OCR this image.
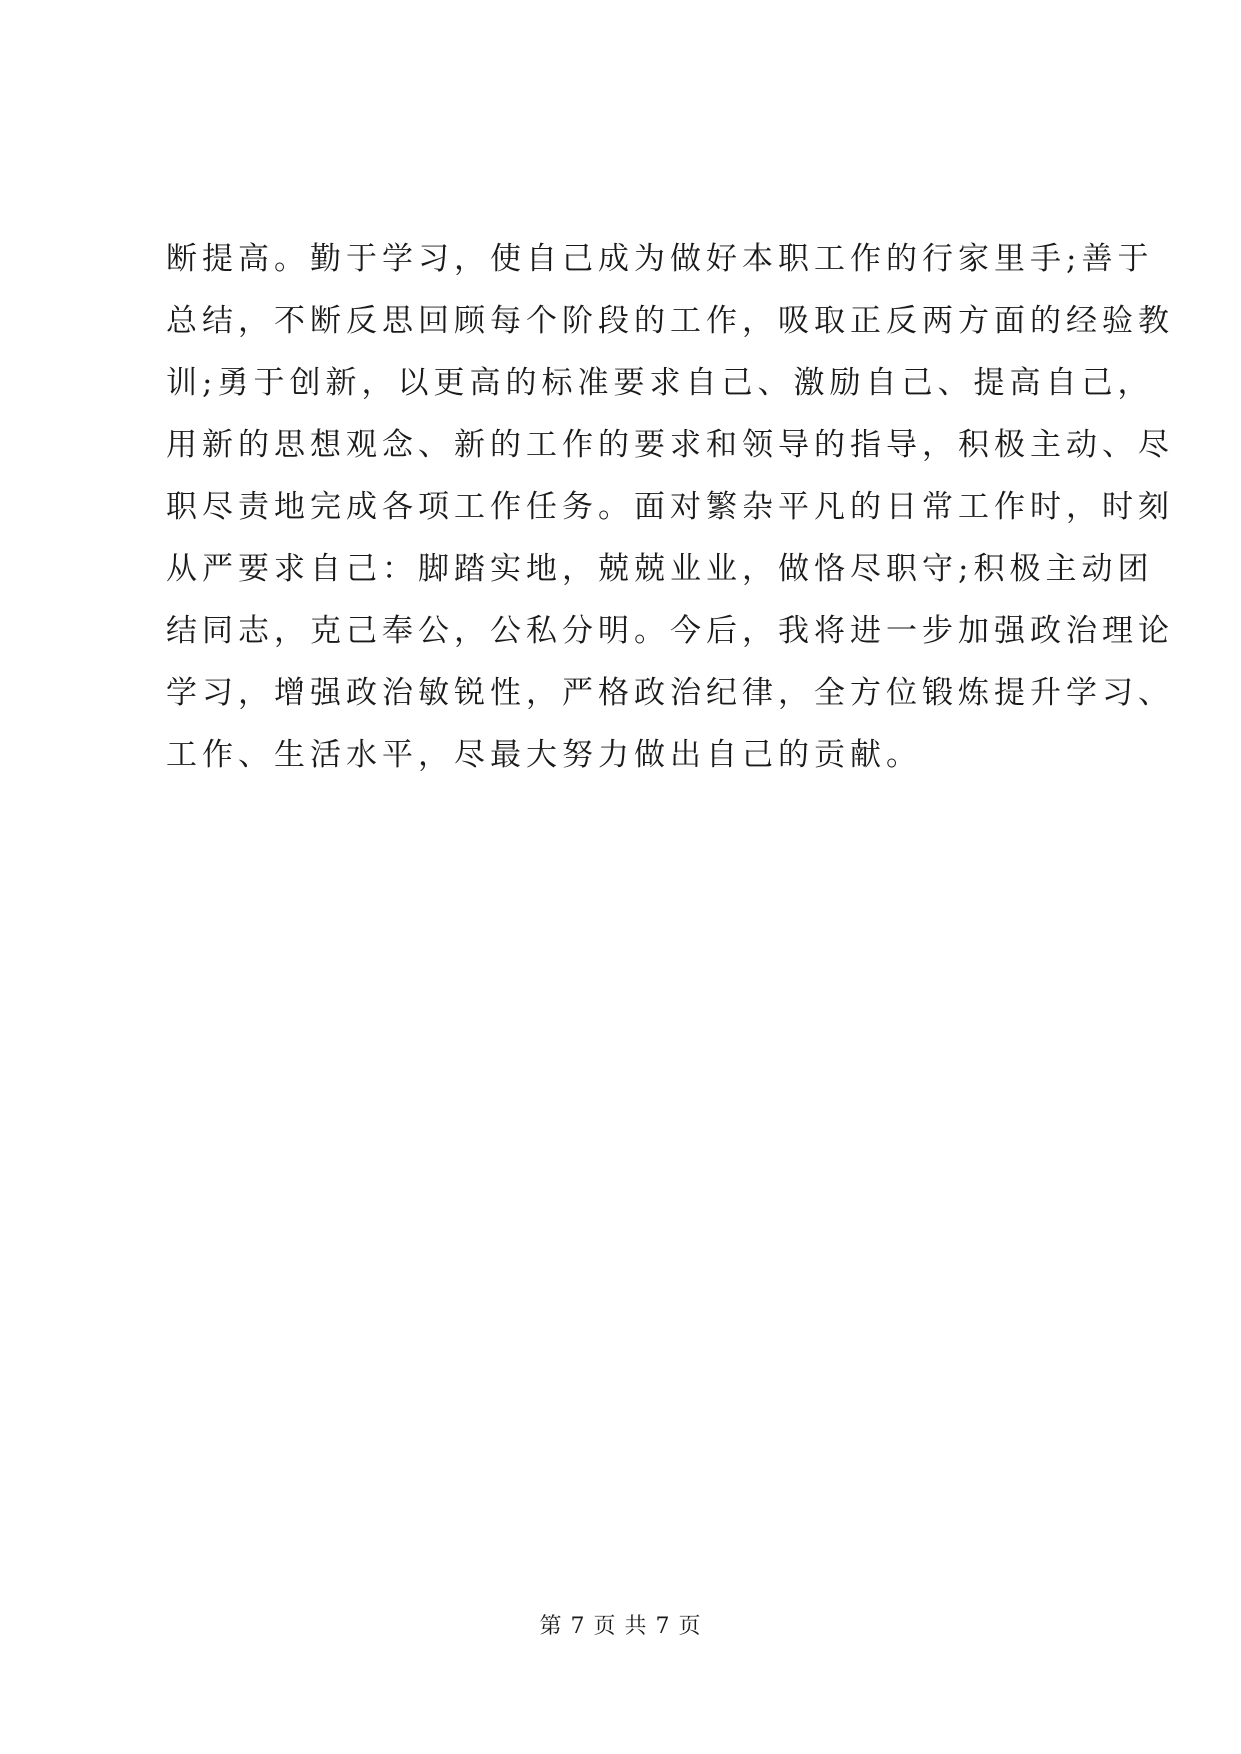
断提高。勤于学习，使自己成为做好本职工作的行家里手;善于
总结，不断反思回顾每个阶段的工作，吸取正反两方面的经验教
训;勇于创新，以更高的标准要求自己、激励自己、提高自己，
用新的思想观念、新的工作的要求和领导的指导，积极主动、尽
职尽责地完成各项工作任务。面对繁杂平凡的日常工作时，时刻
从严要求自己：脚踏实地，兢兢业业，做恪尽职守;积极主动团
结同志，克己奉公，公私分明。今后，我将进一步加强政治理论
学习，增强政治敏锐性，严格政治纪律，全方位锻炼提升学习、
工作、生活水平，尽最大努力做出自己的贡献。
第 7 页 共 7 页
